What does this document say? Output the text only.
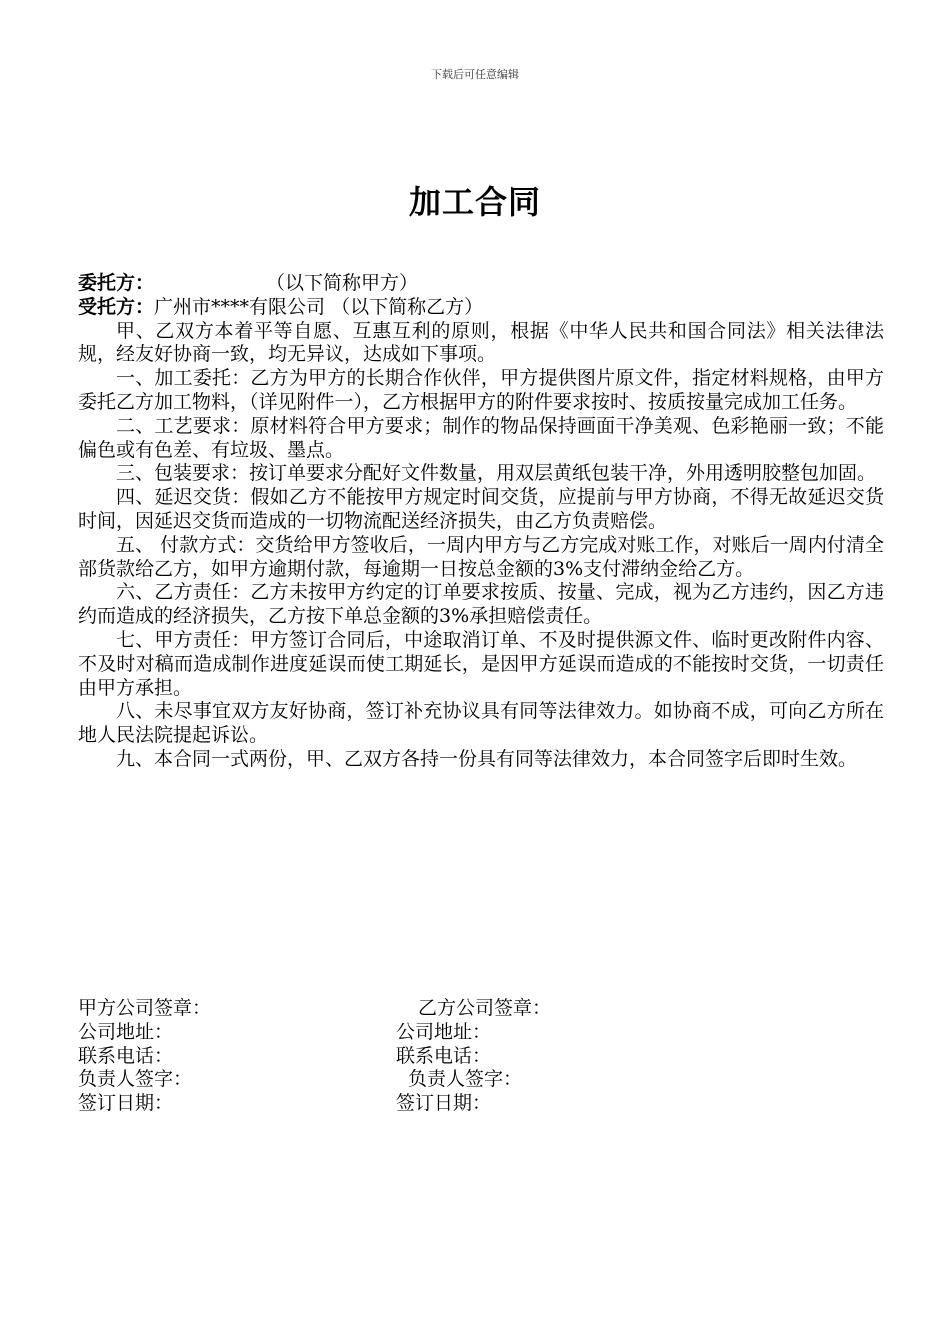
下载后可任意编辑
加工合同
委托方：	（以下简称甲方）
受托方：广州市****有限公司 （以下简称乙方）

甲、乙双方本着平等自愿、互惠互利的原则，根据《中华人民共和国合同法》相关法律法规，经友好协商一致，均无异议，达成如下事项。

一、加工委托：乙方为甲方的长期合作伙伴，甲方提供图片原文件，指定材料规格，由甲方委托乙方加工物料，（详见附件一），乙方根据甲方的附件要求按时、按质按量完成加工任务。

二、工艺要求：原材料符合甲方要求；制作的物品保持画面干净美观、色彩艳丽一致；不能偏色或有色差、有垃圾、墨点。

三、包装要求：按订单要求分配好文件数量，用双层黄纸包装干净，外用透明胶整包加固。

四、延迟交货：假如乙方不能按甲方规定时间交货，应提前与甲方协商，不得无故延迟交货时间，因延迟交货而造成的一切物流配送经济损失，由乙方负责赔偿。

五、 付款方式：交货给甲方签收后，一周内甲方与乙方完成对账工作，对账后一周内付清全部货款给乙方，如甲方逾期付款，每逾期一日按总金额的3%支付滞纳金给乙方。

六、乙方责任：乙方未按甲方约定的订单要求按质、按量、完成，视为乙方违约，因乙方违约而造成的经济损失，乙方按下单总金额的3%承担赔偿责任。

七、甲方责任：甲方签订合同后，中途取消订单、不及时提供源文件、临时更改附件内容、不及时对稿而造成制作进度延误而使工期延长，是因甲方延误而造成的不能按时交货，一切责任由甲方承担。

八、未尽事宜双方友好协商，签订补充协议具有同等法律效力。如协商不成，可向乙方所在地人民法院提起诉讼。

九、本合同一式两份，甲、乙双方各持一份具有同等法律效力，本合同签字后即时生效。

甲方公司签章：	乙方公司签章：
公司地址：	公司地址：
联系电话：	联系电话：
负责人签字：	负责人签字：
签订日期：	签订日期：
